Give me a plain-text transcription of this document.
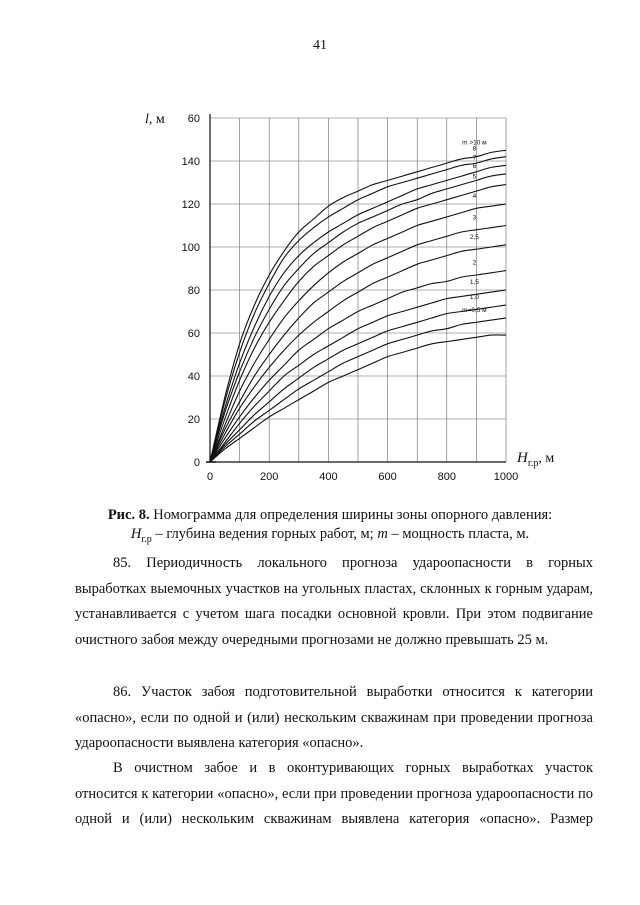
41
m >10 м
8
7
6
5
4
3
2,5
2
1,5
1,0
m=0,5 м
0	200	400	600	800	1000
0
20
40
60
80
100
120
140
60
l, м
$H_{г.р}$, м
Рис. 8. Номограмма для определения ширины зоны опорного давления:
$H_{г.р}$ – глубина ведения горных работ, м; m – мощность пласта, м.
85. Периодичность локального прогноза удароопасности в горных выработках выемочных участков на угольных пластах, склонных к горным ударам, устанавливается с учетом шага посадки основной кровли. При этом подвигание очистного забоя между очередными прогнозами не должно превышать 25 м.
86. Участок забоя подготовительной выработки относится к категории «опасно», если по одной и (или) нескольким скважинам при проведении прогноза удароопасности выявлена категория «опасно».
В очистном забое и в оконтуривающих горных выработках участок относится к категории «опасно», если при проведении прогноза удароопасности по одной и (или) нескольким скважинам выявлена категория «опасно». Размер
